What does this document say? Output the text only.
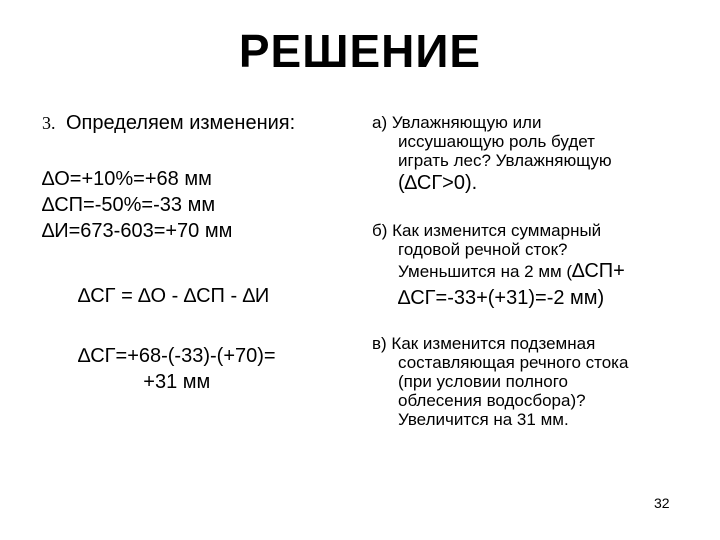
РЕШЕНИЕ
3. Определяем изменения:
∆О=+10%=+68 мм
∆СП=-50%=-33 мм
∆И=673-603=+70 мм
∆СГ = ∆О - ∆СП - ∆И
∆СГ=+68-(-33)-(+70)=
+31 мм
а) Увлажняющую или
иссушающую роль будет
играть лес? Увлажняющую
(∆СГ>0).
б) Как изменится суммарный
годовой речной сток?
Уменьшится на 2 мм (∆СП+
∆СГ=-33+(+31)=-2 мм)
в) Как изменится подземная
составляющая речного стока
(при условии полного
облесения водосбора)?
Увеличится на 31 мм.
32
